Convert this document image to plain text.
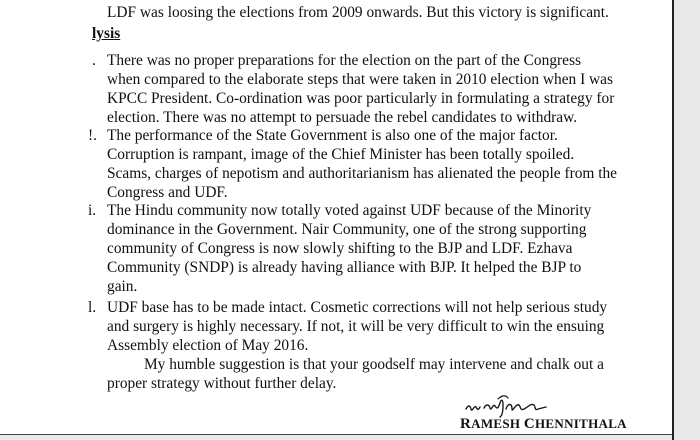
LDF was loosing the elections from 2009 onwards. But this victory is significant.
lysis
. There was no proper preparations for the election on the part of the Congress
when compared to the elaborate steps that were taken in 2010 election when I was
KPCC President. Co-ordination was poor particularly in formulating a strategy for
election. There was no attempt to persuade the rebel candidates to withdraw.
!. The performance of the State Government is also one of the major factor.
Corruption is rampant, image of the Chief Minister has been totally spoiled.
Scams, charges of nepotism and authoritarianism has alienated the people from the
Congress and UDF.
i. The Hindu community now totally voted against UDF because of the Minority
dominance in the Government. Nair Community, one of the strong supporting
community of Congress is now slowly shifting to the BJP and LDF. Ezhava
Community (SNDP) is already having alliance with BJP. It helped the BJP to
gain.
l. UDF base has to be made intact. Cosmetic corrections will not help serious study
and surgery is highly necessary. If not, it will be very difficult to win the ensuing
Assembly election of May 2016.
My humble suggestion is that your goodself may intervene and chalk out a
proper strategy without further delay.
RAMESH CHENNITHALA
